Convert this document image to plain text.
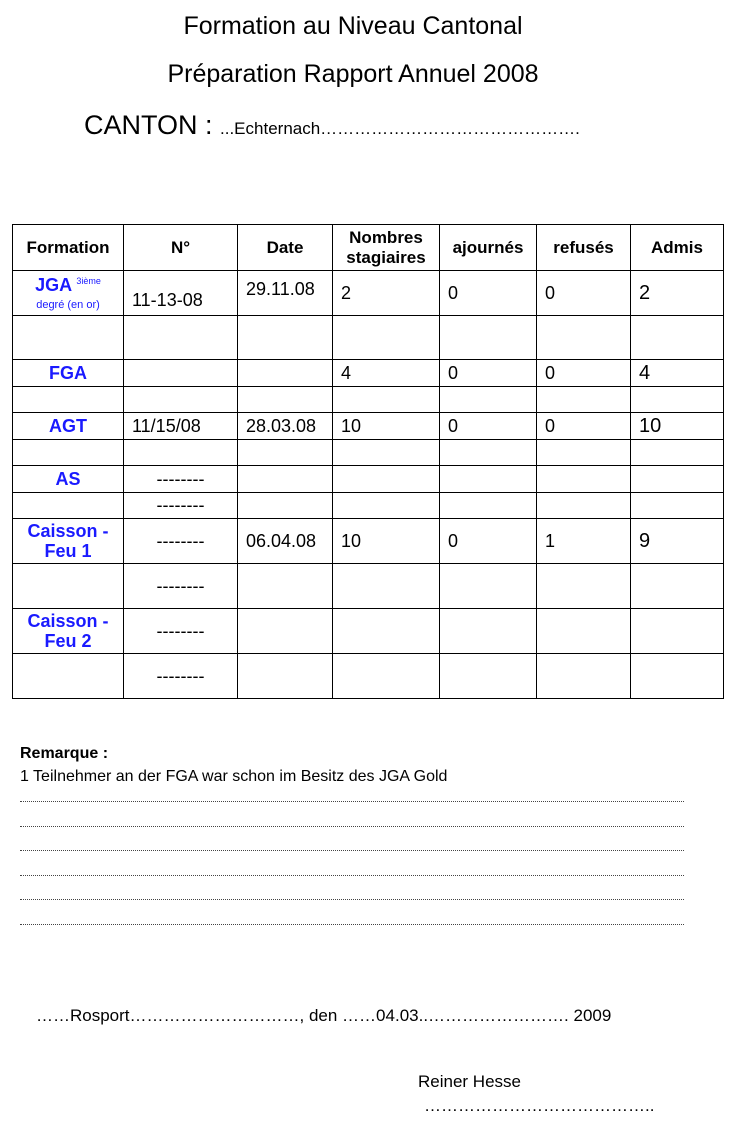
Formation au Niveau Cantonal
Préparation Rapport Annuel 2008
CANTON : ...Echternach……………………………………….
Formation	N°	Date	Nombres stagiaires	ajournés	refusés	Admis

JGA $^{3ième}$
degré (en or)	11-13-08	29.11.08	2	0	0	2

FGA			4	0	0	4

AGT	11/15/08	28.03.08	10	0	0	10

AS	--------					
	--------					
Caisson - Feu 1	--------	06.04.08	10	0	1	9
	--------					
Caisson - Feu 2	--------					
	--------					
Remarque :
1 Teilnehmer an der FGA war schon im Besitz des JGA Gold
……Rosport…………………………, den ……04.03..……………………. 2009
Reiner Hesse
…………………………………..
